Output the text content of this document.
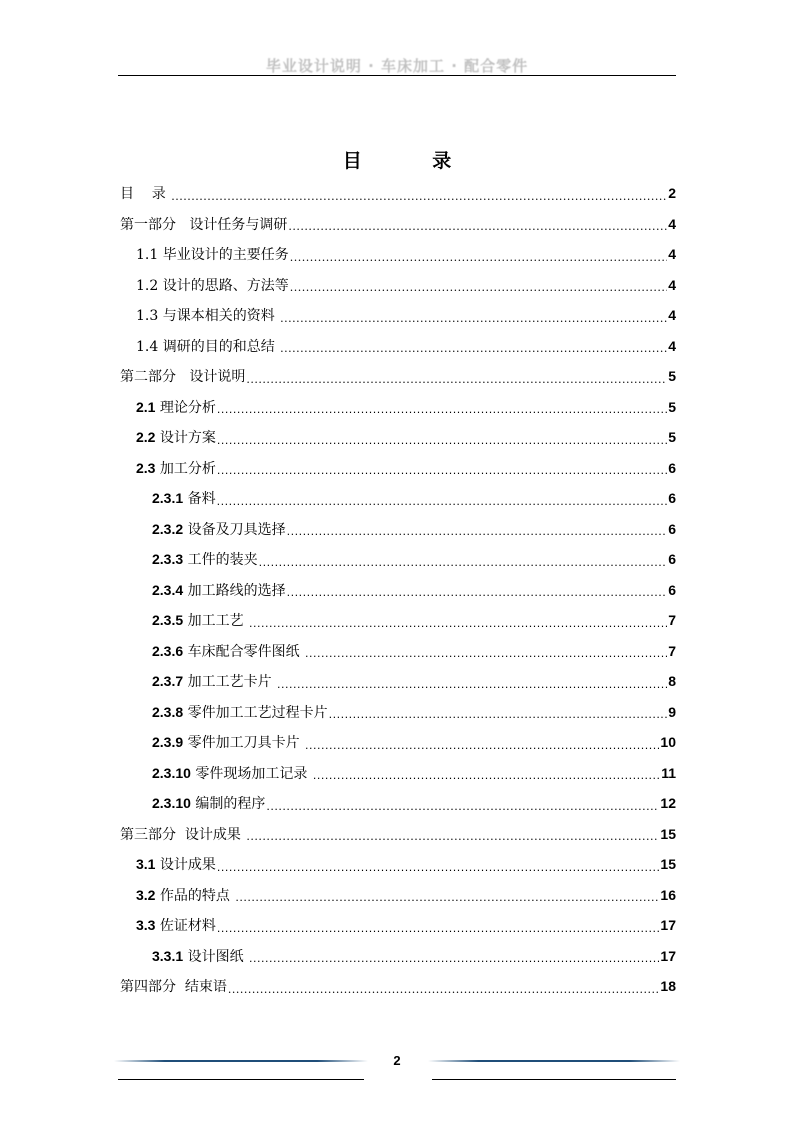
毕业设计说明 · 车床加工 · 配合零件
目 录
目    录 .....	2
第一部分   设计任务与调研 .....	4
1.1 毕业设计的主要任务 .....	4
1.2 设计的思路、方法等 .....	4
1.3 与课本相关的资料 .....	4
1.4 调研的目的和总结 .....	4
第二部分   设计说明 .....	5
2.1 理论分析 .....	5
2.2 设计方案 .....	5
2.3 加工分析 .....	6
2.3.1 备料 .....	6
2.3.2 设备及刀具选择 .....	6
2.3.3 工件的装夹 .....	6
2.3.4 加工路线的选择 .....	6
2.3.5 加工工艺 .....	7
2.3.6 车床配合零件图纸 .....	7
2.3.7 加工工艺卡片 .....	8
2.3.8 零件加工工艺过程卡片 .....	9
2.3.9 零件加工刀具卡片 .....	10
2.3.10 零件现场加工记录 .....	11
2.3.10 编制的程序 .....	12
第三部分  设计成果 .....	15
3.1 设计成果 .....	15
3.2 作品的特点 .....	16
3.3 佐证材料 .....	17
3.3.1 设计图纸 .....	17
第四部分  结束语 .....	18
2
